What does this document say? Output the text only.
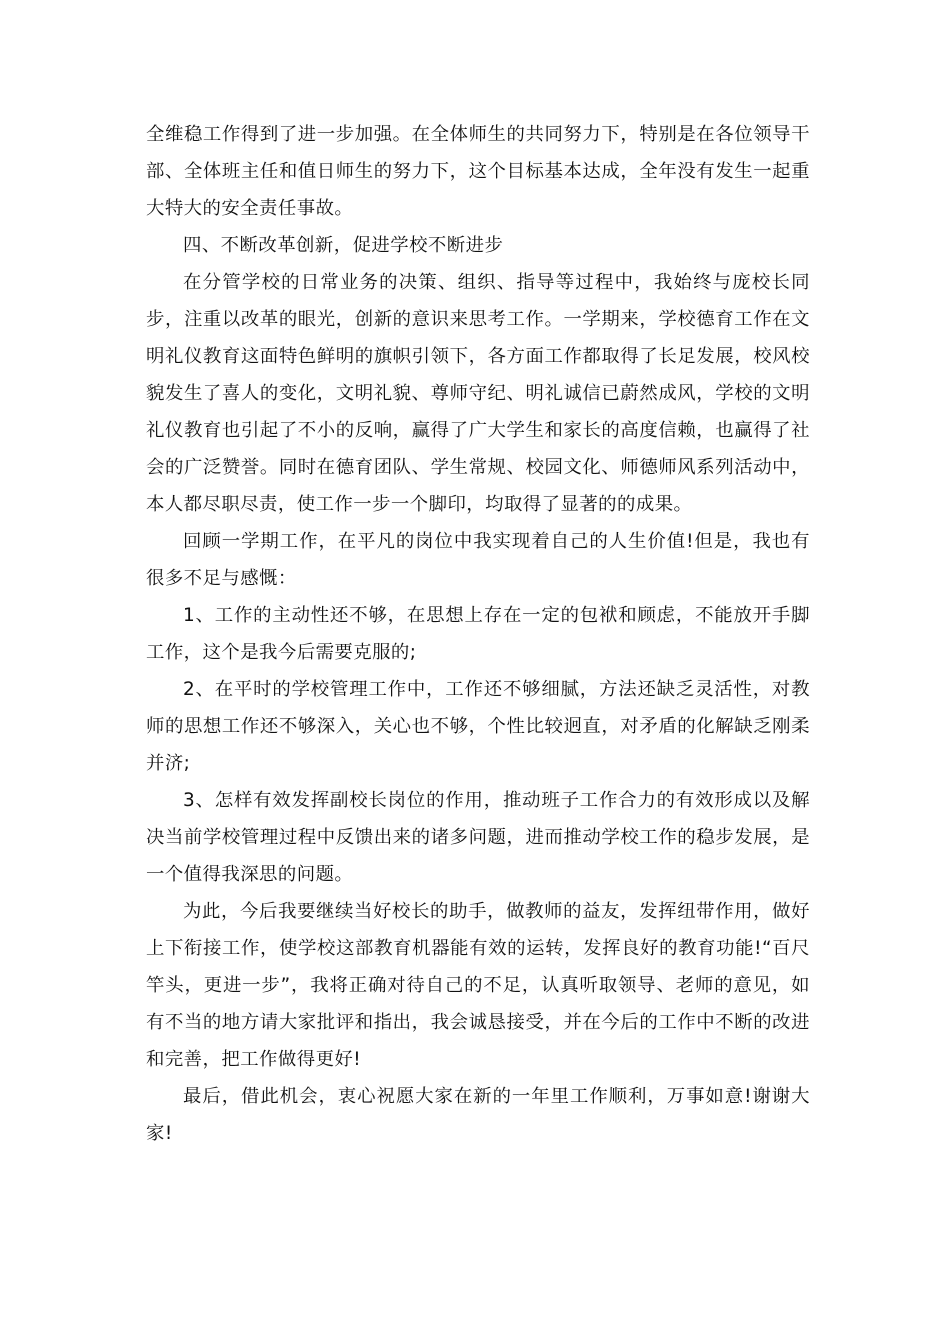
全维稳工作得到了进一步加强。在全体师生的共同努力下，特别是在各位领导干部、全体班主任和值日师生的努力下，这个目标基本达成，全年没有发生一起重大特大的安全责任事故。

四、不断改革创新，促进学校不断进步

在分管学校的日常业务的决策、组织、指导等过程中，我始终与庞校长同步，注重以改革的眼光，创新的意识来思考工作。一学期来，学校德育工作在文明礼仪教育这面特色鲜明的旗帜引领下，各方面工作都取得了长足发展，校风校貌发生了喜人的变化，文明礼貌、尊师守纪、明礼诚信已蔚然成风，学校的文明礼仪教育也引起了不小的反响，赢得了广大学生和家长的高度信赖，也赢得了社会的广泛赞誉。同时在德育团队、学生常规、校园文化、师德师风系列活动中，本人都尽职尽责，使工作一步一个脚印，均取得了显著的的成果。

回顾一学期工作，在平凡的岗位中我实现着自己的人生价值!但是，我也有很多不足与感慨：

1、工作的主动性还不够，在思想上存在一定的包袱和顾虑，不能放开手脚工作，这个是我今后需要克服的;

2、在平时的学校管理工作中，工作还不够细腻，方法还缺乏灵活性，对教师的思想工作还不够深入，关心也不够，个性比较迥直，对矛盾的化解缺乏刚柔并济;

3、怎样有效发挥副校长岗位的作用，推动班子工作合力的有效形成以及解决当前学校管理过程中反馈出来的诸多问题，进而推动学校工作的稳步发展，是一个值得我深思的问题。

为此，今后我要继续当好校长的助手，做教师的益友，发挥纽带作用，做好上下衔接工作，使学校这部教育机器能有效的运转，发挥良好的教育功能!“百尺竿头，更进一步”，我将正确对待自己的不足，认真听取领导、老师的意见，如有不当的地方请大家批评和指出，我会诚恳接受，并在今后的工作中不断的改进和完善，把工作做得更好!

最后，借此机会，衷心祝愿大家在新的一年里工作顺利，万事如意!谢谢大家!
